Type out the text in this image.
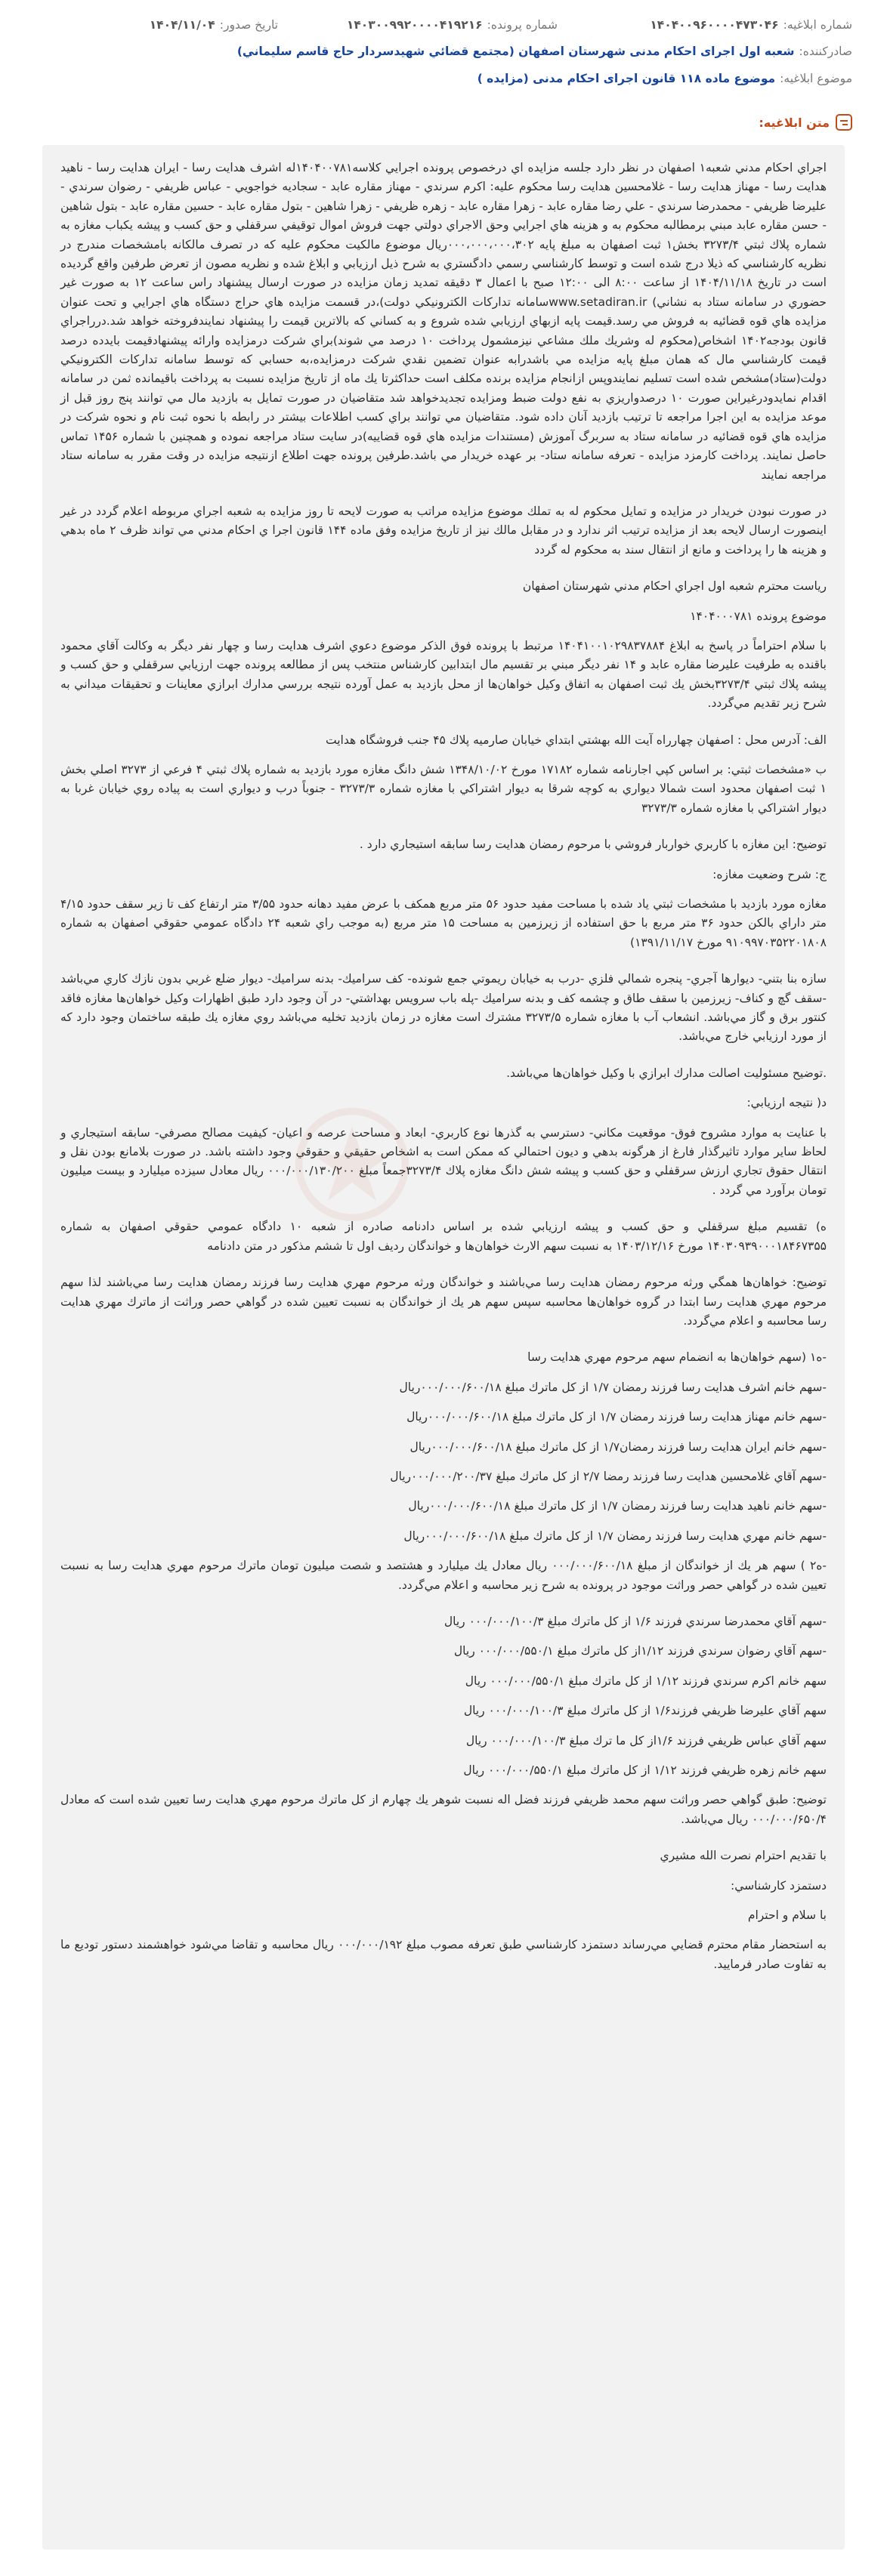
شماره ابلاغیه:
۱۴۰۴۰۰۹۶۰۰۰۰۴۷۳۰۴۶
شماره پرونده:
۱۴۰۳۰۰۹۹۲۰۰۰۰۴۱۹۲۱۶
تاریخ صدور:
۱۴۰۴/۱۱/۰۴
صادرکننده:
شعبه اول اجرای احکام مدنی شهرستان اصفهان (مجتمع قضائي شهيدسردار حاج قاسم سليماني)
موضوع ابلاغیه:
موضوع ماده ۱۱۸ قانون اجرای احکام مدنی (مزایده )
متن ابلاغیه:

اجراي احكام مدني شعبه١ اصفهان در نظر دارد جلسه مزايده اي درخصوص پرونده اجرايي كلاسه۱۴۰۴۰۰۷۸۱له اشرف هدايت رسا - ايران هدايت رسا - ناهيد هدايت رسا - مهناز هدايت رسا - غلامحسين هدايت رسا محكوم عليه: اكرم سرندي - مهناز مقاره عابد - سجاديه خواجويي - عباس ظريفي - رضوان سرندي - عليرضا ظريفي - محمدرضا سرندي - علي رضا مقاره عابد - زهرا مقاره عابد - زهره ظريفي - زهرا شاهين - بتول مقاره عابد - حسين مقاره عابد - بتول شاهين - حسن مقاره عابد مبني برمطالبه محكوم به و هزينه هاي اجرايي وحق الاجراي دولتي جهت فروش اموال توقيفي سرقفلي و حق كسب و پيشه يكباب مغازه به شماره پلاك ثبتي ۳۲۷۳/۴ بخش۱ ثبت اصفهان به مبلغ پايه ۰۰۰،۰۰۰،۰۰۰،۳۰۲ريال موضوع مالكيت محكوم عليه كه در تصرف مالكانه بامشخصات مندرج در نظريه كارشناسي كه ذيلا درج شده است و توسط كارشناسي رسمي دادگستري به شرح ذيل ارزيابي و ابلاغ شده و نظريه مصون از تعرض طرفين واقع گرديده است در تاريخ ۱۴۰۴/۱۱/۱۸ از ساعت ۸:۰۰ الی ۱۲:۰۰ صبح با اعمال ۳ دقيقه تمديد زمان مزايده در صورت ارسال پيشنهاد راس ساعت ۱۲ به صورت غير حضوري در سامانه ستاد به نشاني) www.setadiran.irسامانه تداركات الكترونيكي دولت)،در قسمت مزايده هاي حراج دستگاه هاي اجرايي و تحت عنوان مزايده هاي قوه قضائيه به فروش مي رسد.قيمت پايه ازبهاي ارزيابي شده شروع و به كساني كه بالاترين قيمت را پيشنهاد نمايندفروخته خواهد شد.درراجراي قانون بودجه۱۴۰۲ اشخاص(محكوم له وشريك ملك مشاعي نيزمشمول پرداخت ۱۰ درصد مي شوند)براي شركت درمزايده وارائه پيشنهادقيمت بايدده درصد قيمت كارشناسي مال كه همان مبلغ پايه مزايده مي باشدرابه عنوان تضمين نقدي شركت درمزايده،به حسابي كه توسط سامانه تداركات الكترونيكي دولت(ستاد)مشخص شده است تسليم نمايندوپس ازانجام مزايده برنده مكلف است حداكثرتا يك ماه از تاريخ مزايده نسبت به پرداخت باقيمانده ثمن در سامانه اقدام نمايدودرغيراين صورت ۱۰ درصدواريزي به نفع دولت ضبط ومزايده تجديدخواهد شد متقاضيان در صورت تمايل به بازديد مال مي توانند پنج روز قبل از موعد مزايده به اين اجرا مراجعه تا ترتيب بازديد آنان داده شود. متقاضيان مي توانند براي كسب اطلاعات بيشتر در رابطه با نحوه ثبت نام و نحوه شركت در مزايده هاي قوه قضائيه در سامانه ستاد به سربرگ آموزش (مستندات مزايده هاي قوه قضاييه)در سايت ستاد مراجعه نموده و همچنين با شماره ۱۴۵۶ تماس حاصل نمايند. پرداخت كارمزد مزايده - تعرفه سامانه ستاد- بر عهده خريدار مي باشد.طرفين پرونده جهت اطلاع ازنتيجه مزايده در وقت مقرر به سامانه ستاد مراجعه نمايند

در صورت نبودن خريدار در مزايده و تمايل محكوم له به تملك موضوع مزايده مراتب به صورت لايحه تا روز مزايده به شعبه اجراي مربوطه اعلام گردد در غير اينصورت ارسال لايحه بعد از مزايده ترتيب اثر ندارد و در مقابل مالك نيز از تاريخ مزايده وفق ماده ۱۴۴ قانون اجرا ي احكام مدني مي تواند ظرف ۲ ماه بدهي و هزينه ها را پرداخت و مانع از انتقال سند به محكوم له گردد

رياست محترم شعبه اول اجراي احكام مدني شهرستان اصفهان

موضوع پرونده ۱۴۰۴۰۰۰۷۸۱

با سلام احتراماً در پاسخ به ابلاغ ۱۴۰۴۱۰۰۱۰۲۹۸۳۷۸۸۴ مرتبط با پرونده فوق الذكر موضوع دعوي اشرف هدايت رسا و چهار نفر ديگر به وكالت آقاي محمود باقنده به طرفيت عليرضا مقاره عابد و ۱۴ نفر ديگر مبني بر تقسيم مال ابتدابين كارشناس منتخب پس از مطالعه پرونده جهت ارزيابي سرقفلي و حق كسب و پيشه پلاك ثبتي ۳۲۷۳/۴بخش يك ثبت اصفهان به اتفاق وكيل خواهان‌ها از محل بازديد به عمل آورده نتيجه بررسي مدارك ابرازي معاينات و تحقيقات ميداني به شرح زير تقديم مي‌گردد.

الف: آدرس محل : اصفهان چهارراه آيت الله بهشتي ابتداي خيابان صارميه پلاك ۴۵ جنب فروشگاه هدايت

ب «مشخصات ثبتي: بر اساس كپي اجارنامه شماره ۱۷۱۸۲ مورخ ۱۳۴۸/۱۰/۰۲ شش دانگ مغازه مورد بازديد به شماره پلاك ثبتي ۴ فرعي از ۳۲۷۳ اصلي بخش ۱ ثبت اصفهان محدود است شمالا ديواري به كوچه شرقا به ديوار اشتراكي با مغازه شماره ۳۲۷۳/۳ - جنوباً درب و ديواري است به پياده روي خيابان غربا به ديوار اشتراكي با مغازه شماره ۳۲۷۳/۳

توضيح: اين مغازه با كاربري خواربار فروشي با مرحوم رمضان هدايت رسا سابقه استيجاري دارد .

ج: شرح وضعيت مغازه:

مغازه مورد بازديد با مشخصات ثبتي ياد شده با مساحت مفيد حدود ۵۶ متر مربع همكف با عرض مفيد دهانه حدود ۳/۵۵ متر ارتفاع كف تا زير سقف حدود ۴/۱۵ متر داراي بالكن حدود ۳۶ متر مربع با حق استفاده از زيرزمين به مساحت ۱۵ متر مربع (به موجب راي شعبه ۲۴ دادگاه عمومي حقوقي اصفهان به شماره ۹۱۰۹۹۷۰۳۵۲۲۰۱۸۰۸ مورخ ۱۳۹۱/۱۱/۱۷)

سازه بنا بتني- ديوارها آجري- پنجره شمالي فلزي -درب به خيابان ريموتي جمع شونده- كف سراميك- بدنه سراميك- ديوار ضلع غربي بدون نازك كاري مي‌باشد -سقف گچ و كناف- زيرزمين با سقف طاق و چشمه كف و بدنه سراميك -پله باب سرويس بهداشتي- در آن وجود دارد طبق اظهارات وكيل خواهان‌ها مغازه فاقد كنتور برق و گاز مي‌باشد. انشعاب آب با مغازه شماره ۳۲۷۳/۵ مشترك است مغازه در زمان بازديد تخليه مي‌باشد روي مغازه يك طبقه ساختمان وجود دارد كه از مورد ارزيابي خارج مي‌باشد.

.توضيح مسئوليت اصالت مدارك ابرازي با وكيل خواهان‌ها مي‌باشد.

د( نتيجه ارزيابي:

با عنايت به موارد مشروح فوق- موقعيت مكاني- دسترسي به گذرها نوع كاربري- ابعاد و مساحت عرصه و اعيان- كيفيت مصالح مصرفي- سابقه استيجاري و لحاظ ساير موارد تاثيرگذار فارغ از هرگونه بدهي و ديون احتمالي كه ممكن است به اشخاص حقيقي و حقوقي وجود داشته باشد. در صورت بلامانع بودن نقل و انتقال حقوق تجاري ارزش سرقفلي و حق كسب و پيشه شش دانگ مغازه پلاك ۳۲۷۳/۴جمعاً مبلغ ۰۰۰/۰۰۰/۱۳۰/۲۰۰ ريال معادل سيزده ميليارد و بيست ميليون تومان برآورد مي گردد .

ه) تقسيم مبلغ سرقفلي و حق كسب و پيشه ارزيابي شده بر اساس دادنامه صادره از شعبه ۱۰ دادگاه عمومي حقوقي اصفهان به شماره ۱۴۰۳۰۹۳۹۰۰۰۱۸۴۶۷۳۵۵ مورخ ۱۴۰۳/۱۲/۱۶ به نسبت سهم الارث خواهان‌ها و خواندگان رديف اول تا ششم مذكور در متن دادنامه

توضيح: خواهان‌ها همگي ورثه مرحوم رمضان هدايت رسا مي‌باشند و خواندگان ورثه مرحوم مهري هدايت رسا فرزند رمضان هدايت رسا مي‌باشند لذا سهم مرحوم مهري هدايت رسا ابتدا در گروه خواهان‌ها محاسبه سپس سهم هر يك از خواندگان به نسبت تعيين شده در گواهي حصر وراثت از ماترك مهري هدايت رسا محاسبه و اعلام مي‌گردد.

-ه۱ (سهم خواهان‌ها به انضمام سهم مرحوم مهري هدايت رسا

-سهم خانم اشرف هدايت رسا فرزند رمضان ۱/۷ از كل ماترك مبلغ ۰۰۰/۰۰۰/۶۰۰/۱۸ريال

-سهم خانم مهناز هدايت رسا فرزند رمضان ۱/۷ از كل ماترك مبلغ ۰۰۰/۰۰۰/۶۰۰/۱۸ريال

-سهم خانم ايران هدايت رسا فرزند رمضان۱/۷ از كل ماترك مبلغ ۰۰۰/۰۰۰/۶۰۰/۱۸ريال

-سهم آقاي غلامحسين هدايت رسا فرزند رمضا ۲/۷ از كل ماترك مبلغ ۰۰۰/۰۰۰/۲۰۰/۳۷ريال

-سهم خانم ناهيد هدايت رسا فرزند رمضان ۱/۷ از كل ماترك مبلغ ۰۰۰/۰۰۰/۶۰۰/۱۸ريال

-سهم خانم مهري هدايت رسا فرزند رمضان ۱/۷ از كل ماترك مبلغ ۰۰۰/۰۰۰/۶۰۰/۱۸ريال

-ه۲ ) سهم هر يك از خواندگان از مبلغ ۰۰۰/۰۰۰/۶۰۰/۱۸ ريال معادل يك ميليارد و هشتصد و شصت ميليون تومان ماترك مرحوم مهري هدايت رسا به نسبت تعيين شده در گواهي حصر وراثت موجود در پرونده به شرح زير محاسبه و اعلام مي‌گردد.

-سهم آقاي محمدرضا سرندي فرزند ۱/۶ از كل ماترك مبلغ ۰۰۰/۰۰۰/۱۰۰/۳ ريال

-سهم آقاي رضوان سرندي فرزند ۱/۱۲از كل ماترك مبلغ ۰۰۰/۰۰۰/۵۵۰/۱ ريال

سهم خانم اكرم سرندي فرزند ۱/۱۲ از كل ماترك مبلغ ۰۰۰/۰۰۰/۵۵۰/۱ ريال

سهم آقاي عليرضا ظريفي فرزند۱/۶ از كل ماترك مبلغ ۰۰۰/۰۰۰/۱۰۰/۳ ريال

سهم آقاي عباس ظريفي فرزند ۱/۶از كل ما ترك مبلغ ۰۰۰/۰۰۰/۱۰۰/۳ ريال

سهم خانم زهره ظريفي فرزند ۱/۱۲ از كل ماترك مبلغ ۰۰۰/۰۰۰/۵۵۰/۱ ريال

توضيح: طبق گواهي حصر وراثت سهم محمد ظريفي فرزند فضل اله نسبت شوهر يك چهارم از كل ماترك مرحوم مهري هدايت رسا تعيين شده است كه معادل ۰۰۰/۰۰۰/۶۵۰/۴ ريال مي‌باشد.

با تقديم احترام نصرت الله مشيري

دستمزد كارشناسي:

با سلام و احترام

به استحضار مقام محترم قضايي مي‌رساند دستمزد كارشناسي طبق تعرفه مصوب مبلغ ۰۰۰/۰۰۰/۱۹۲ ريال محاسبه و تقاضا مي‌شود خواهشمند دستور توديع ما به تفاوت صادر فرماييد.
